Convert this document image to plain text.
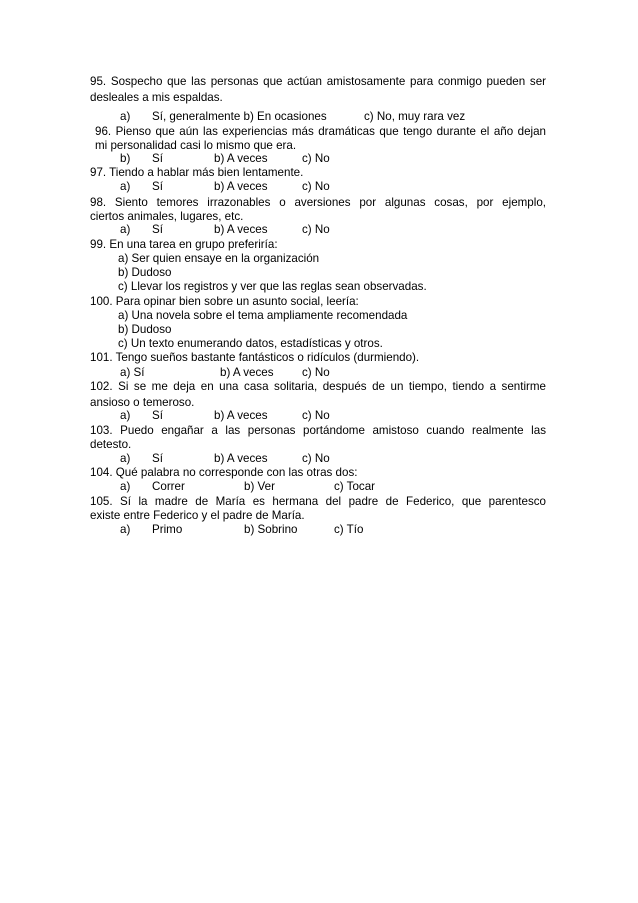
95. Sospecho que las personas que actúan amistosamente para conmigo pueden ser
desleales a mis espaldas.
a) Sí, generalmente b) En ocasiones	c) No, muy rara vez
96. Pienso que aún las experiencias más dramáticas que tengo durante el año dejan
mi personalidad casi lo mismo que era.
b) Sí	b) A veces	c) No
97. Tiendo a hablar más bien lentamente.
a) Sí	b) A veces	c) No
98. Siento temores irrazonables o aversiones por algunas cosas, por ejemplo,
ciertos animales, lugares, etc.
a) Sí	b) A veces	c) No
99. En una tarea en grupo preferiría:
a) Ser quien ensaye en la organización
b) Dudoso
c) Llevar los registros y ver que las reglas sean observadas.
100. Para opinar bien sobre un asunto social, leería:
a) Una novela sobre el tema ampliamente recomendada
b) Dudoso
c) Un texto enumerando datos, estadísticas y otros.
101. Tengo sueños bastante fantásticos o ridículos (durmiendo).
a) Sí	b) A veces c) No
102. Si se me deja en una casa solitaria, después de un tiempo, tiendo a sentirme
ansioso o temeroso.
a) Sí	b) A veces	c) No
103. Puedo engañar a las personas portándome amistoso cuando realmente las
detesto.
a) Sí	b) A veces	c) No
104. Qué palabra no corresponde con las otras dos:
a) Correr	b) Ver	c) Tocar
105. Sí la madre de María es hermana del padre de Federico, que parentesco
existe entre Federico y el padre de María.
a) Primo	b) Sobrino	c) Tío
